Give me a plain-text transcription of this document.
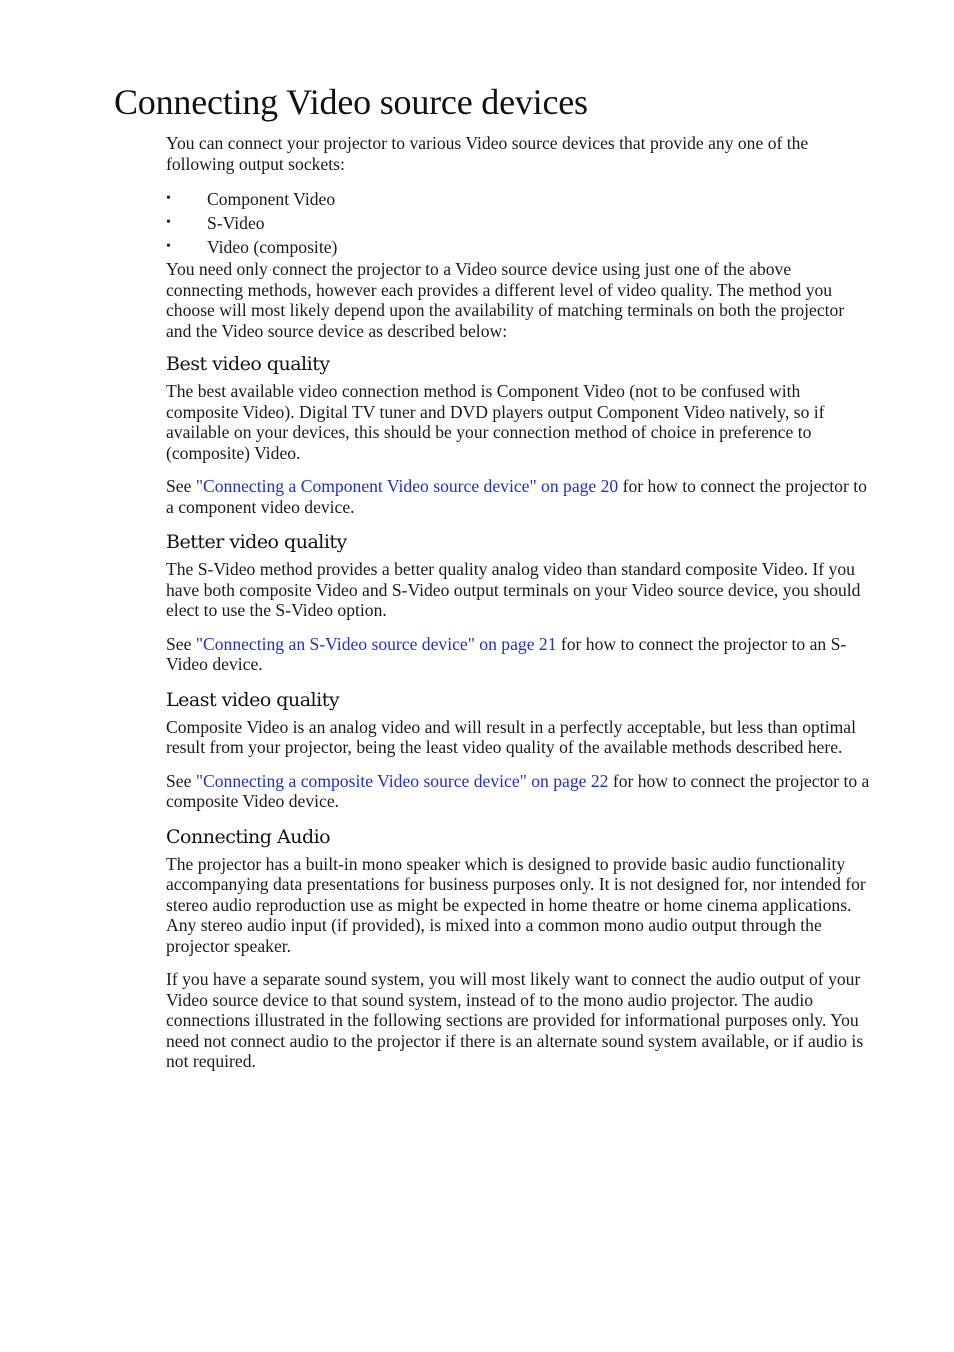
Connecting Video source devices

You can connect your projector to various Video source devices that provide any one of the following output sockets:

• Component Video
• S-Video
• Video (composite)

You need only connect the projector to a Video source device using just one of the above connecting methods, however each provides a different level of video quality. The method you choose will most likely depend upon the availability of matching terminals on both the projector and the Video source device as described below:

Best video quality

The best available video connection method is Component Video (not to be confused with composite Video). Digital TV tuner and DVD players output Component Video natively, so if available on your devices, this should be your connection method of choice in preference to (composite) Video.

See "Connecting a Component Video source device" on page 20 for how to connect the projector to a component video device.

Better video quality

The S-Video method provides a better quality analog video than standard composite Video. If you have both composite Video and S-Video output terminals on your Video source device, you should elect to use the S-Video option.

See "Connecting an S-Video source device" on page 21 for how to connect the projector to an S-Video device.

Least video quality

Composite Video is an analog video and will result in a perfectly acceptable, but less than optimal result from your projector, being the least video quality of the available methods described here.

See "Connecting a composite Video source device" on page 22 for how to connect the projector to a composite Video device.

Connecting Audio

The projector has a built-in mono speaker which is designed to provide basic audio functionality accompanying data presentations for business purposes only. It is not designed for, nor intended for stereo audio reproduction use as might be expected in home theatre or home cinema applications. Any stereo audio input (if provided), is mixed into a common mono audio output through the projector speaker.

If you have a separate sound system, you will most likely want to connect the audio output of your Video source device to that sound system, instead of to the mono audio projector. The audio connections illustrated in the following sections are provided for informational purposes only. You need not connect audio to the projector if there is an alternate sound system available, or if audio is not required.
